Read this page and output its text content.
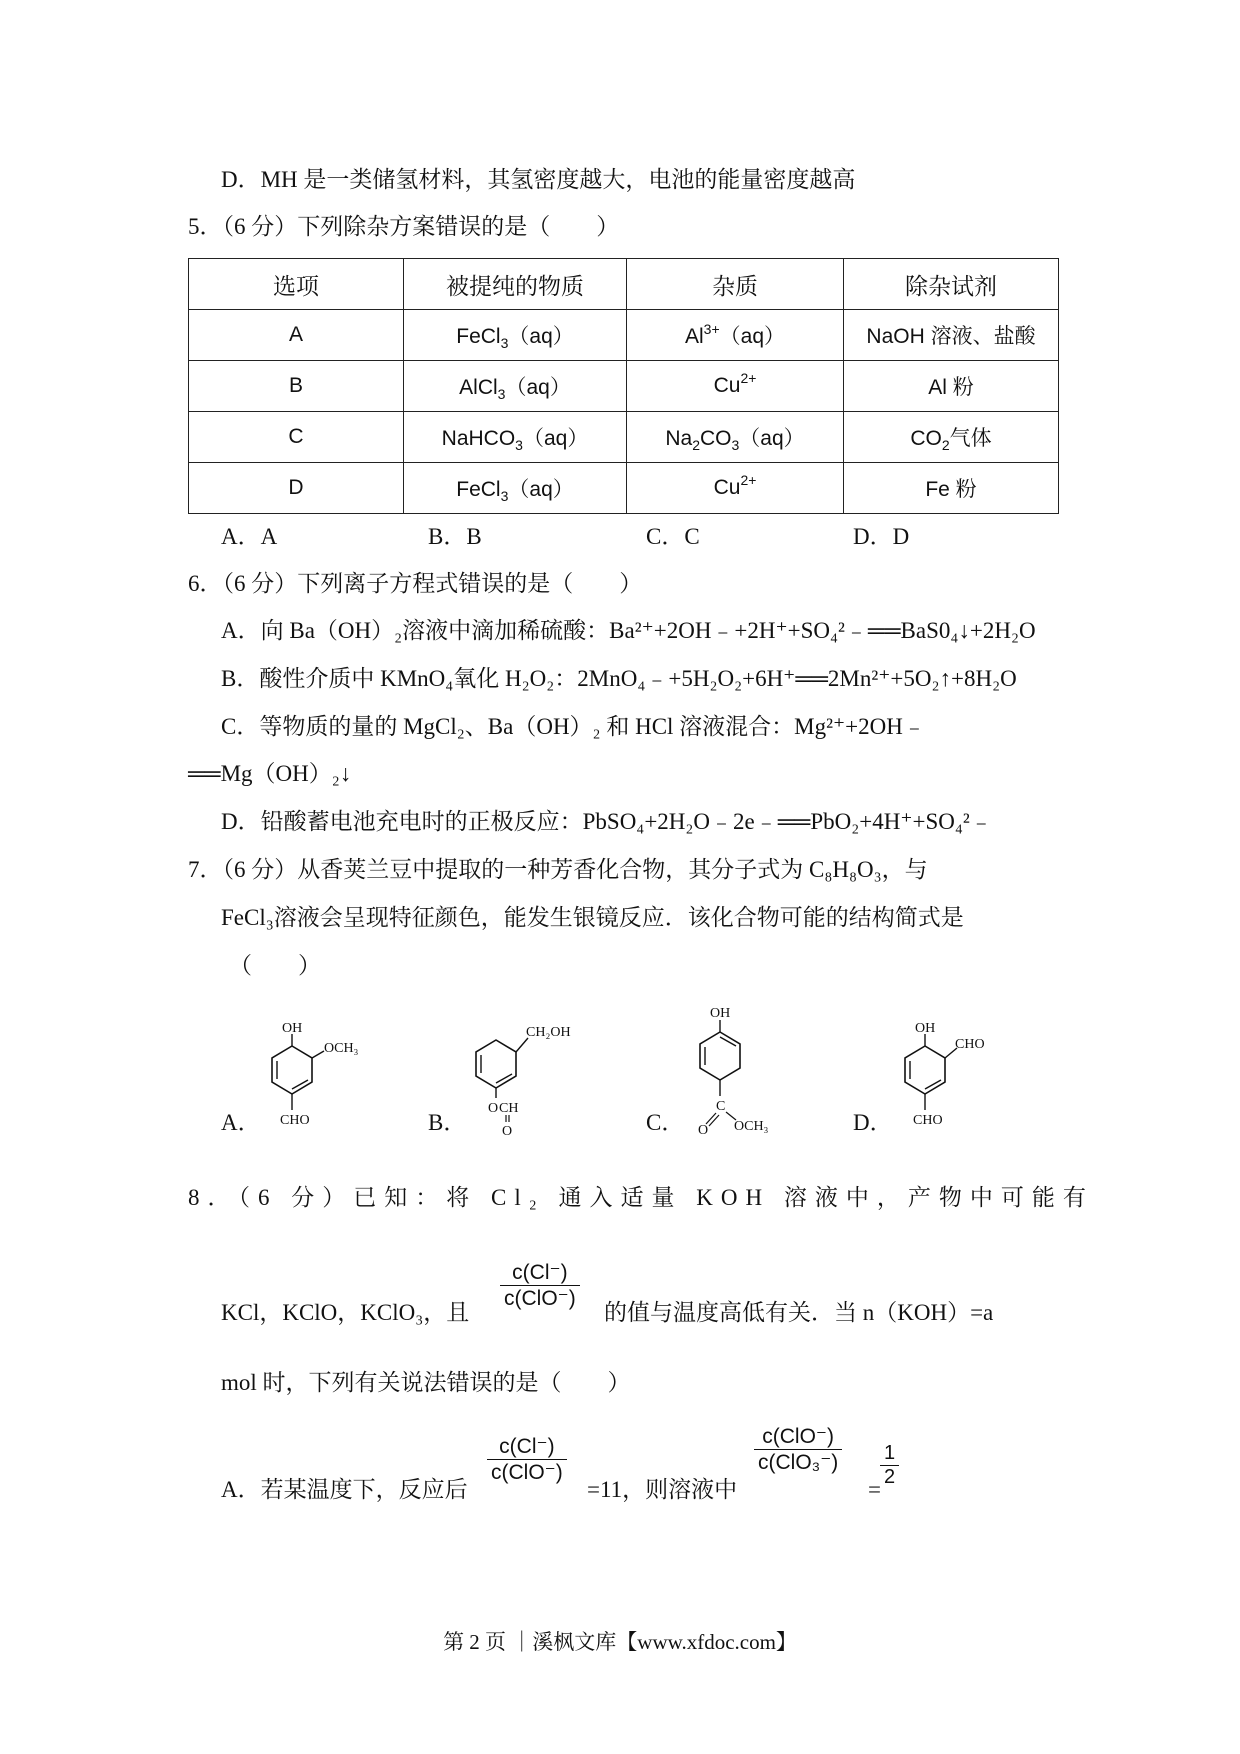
D．MH 是一类储氢材料，其氢密度越大，电池的能量密度越高
5．（6 分）下列除杂方案错误的是（　　）
选项	被提纯的物质	杂质	除杂试剂
A	FeCl$_3$（aq）	$Al^{3+}(aq)$	NaOH 溶液、盐酸
B	AlCl$_3$（aq）	$Cu^{2+}$	Al 粉
C	NaHCO$_3$（aq）	$Na_2CO_3(aq)$	$CO_2$气体
D	FeCl$_3$（aq）	$Cu^{2+}$	Fe 粉
A．A	B．B	C．C	D．D
6．（6 分）下列离子方程式错误的是（　　）
A．向 Ba（OH）₂溶液中滴加稀硫酸：Ba²⁺+2OH﹣+2H⁺+SO₄²﹣══BaS0₄↓+2H₂O
B．酸性介质中 KMnO₄氧化 H₂O₂：2MnO₄﹣+5H₂O₂+6H⁺══2Mn²⁺+5O₂↑+8H₂O
C．等物质的量的 MgCl₂、Ba（OH）₂ 和 HCl 溶液混合：Mg²⁺+2OH﹣
══Mg（OH）₂↓
D．铅酸蓄电池充电时的正极反应：PbSO₄+2H₂O﹣2e﹣══PbO₂+4H⁺+SO₄²﹣
7．（6 分）从香荚兰豆中提取的一种芳香化合物，其分子式为 C₈H₈O₃，与
FeCl₃溶液会呈现特征颜色，能发生银镜反应．该化合物可能的结构简式是
（　　）
A．	B．	C．	D．
OH
OCH₃
CHO
CH₂OH
O CH
O
OH
C
O OCH₃
OH
CHO
CHO
8．（6 分）已知：将 Cl₂ 通入适量 KOH 溶液中，产物中可能有
c(Cl⁻)
c(ClO⁻)
KCl，KClO，KClO₃，且	的值与温度高低有关．当 n（KOH）=a
mol 时，下列有关说法错误的是（　　）
A．若某温度下，反应后
c(Cl⁻)
c(ClO⁻)
=11，则溶液中
c(ClO⁻)
c(ClO₃⁻)
=
$\frac{1}{2}$
第 2 页 ｜溪枫文库【www.xfdoc.com】
